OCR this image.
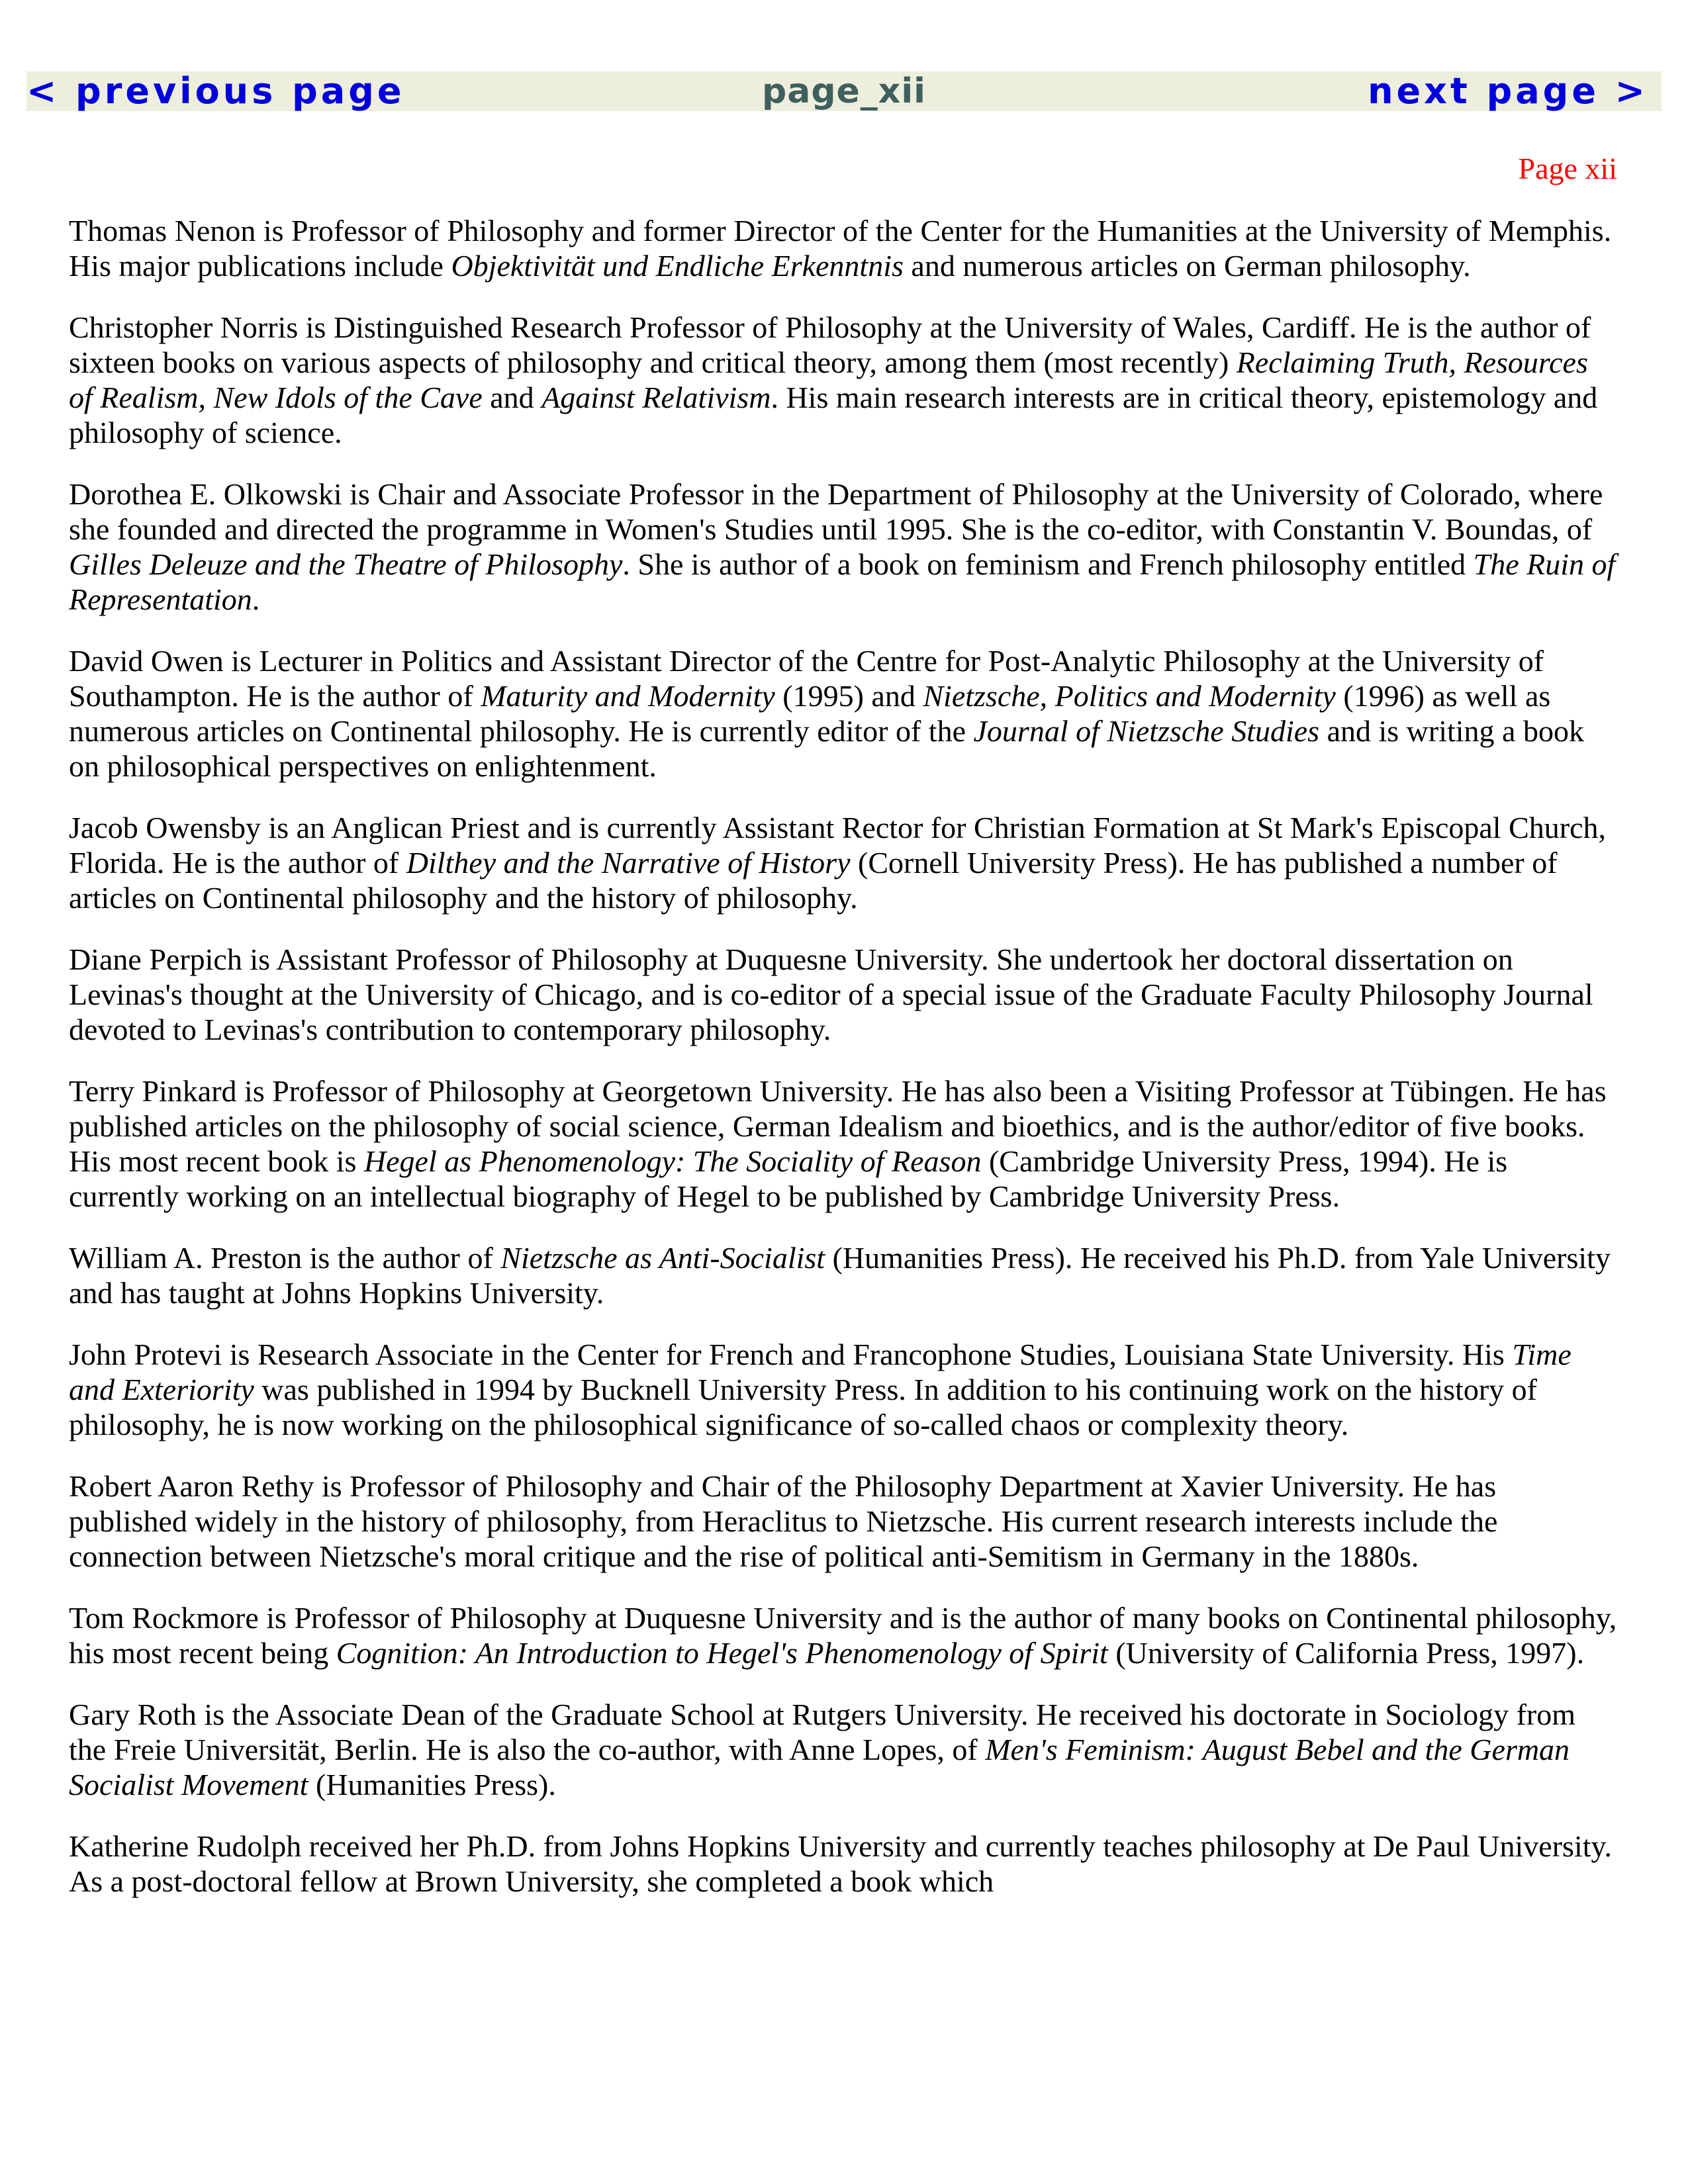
< previous page	page_xii	next page >
Page xii

Thomas Nenon is Professor of Philosophy and former Director of the Center for the Humanities at the University of Memphis. His major publications include Objektivität und Endliche Erkenntnis and numerous articles on German philosophy.

Christopher Norris is Distinguished Research Professor of Philosophy at the University of Wales, Cardiff. He is the author of sixteen books on various aspects of philosophy and critical theory, among them (most recently) Reclaiming Truth, Resources of Realism, New Idols of the Cave and Against Relativism. His main research interests are in critical theory, epistemology and philosophy of science.

Dorothea E. Olkowski is Chair and Associate Professor in the Department of Philosophy at the University of Colorado, where she founded and directed the programme in Women's Studies until 1995. She is the co-editor, with Constantin V. Boundas, of Gilles Deleuze and the Theatre of Philosophy. She is author of a book on feminism and French philosophy entitled The Ruin of Representation.

David Owen is Lecturer in Politics and Assistant Director of the Centre for Post-Analytic Philosophy at the University of Southampton. He is the author of Maturity and Modernity (1995) and Nietzsche, Politics and Modernity (1996) as well as numerous articles on Continental philosophy. He is currently editor of the Journal of Nietzsche Studies and is writing a book on philosophical perspectives on enlightenment.

Jacob Owensby is an Anglican Priest and is currently Assistant Rector for Christian Formation at St Mark's Episcopal Church, Florida. He is the author of Dilthey and the Narrative of History (Cornell University Press). He has published a number of articles on Continental philosophy and the history of philosophy.

Diane Perpich is Assistant Professor of Philosophy at Duquesne University. She undertook her doctoral dissertation on Levinas's thought at the University of Chicago, and is co-editor of a special issue of the Graduate Faculty Philosophy Journal devoted to Levinas's contribution to contemporary philosophy.

Terry Pinkard is Professor of Philosophy at Georgetown University. He has also been a Visiting Professor at Tübingen. He has published articles on the philosophy of social science, German Idealism and bioethics, and is the author/editor of five books. His most recent book is Hegel as Phenomenology: The Sociality of Reason (Cambridge University Press, 1994). He is currently working on an intellectual biography of Hegel to be published by Cambridge University Press.

William A. Preston is the author of Nietzsche as Anti-Socialist (Humanities Press). He received his Ph.D. from Yale University and has taught at Johns Hopkins University.

John Protevi is Research Associate in the Center for French and Francophone Studies, Louisiana State University. His Time and Exteriority was published in 1994 by Bucknell University Press. In addition to his continuing work on the history of philosophy, he is now working on the philosophical significance of so-called chaos or complexity theory.

Robert Aaron Rethy is Professor of Philosophy and Chair of the Philosophy Department at Xavier University. He has published widely in the history of philosophy, from Heraclitus to Nietzsche. His current research interests include the connection between Nietzsche's moral critique and the rise of political anti-Semitism in Germany in the 1880s.

Tom Rockmore is Professor of Philosophy at Duquesne University and is the author of many books on Continental philosophy, his most recent being Cognition: An Introduction to Hegel's Phenomenology of Spirit (University of California Press, 1997).

Gary Roth is the Associate Dean of the Graduate School at Rutgers University. He received his doctorate in Sociology from the Freie Universität, Berlin. He is also the co-author, with Anne Lopes, of Men's Feminism: August Bebel and the German Socialist Movement (Humanities Press).

Katherine Rudolph received her Ph.D. from Johns Hopkins University and currently teaches philosophy at De Paul University. As a post-doctoral fellow at Brown University, she completed a book which
